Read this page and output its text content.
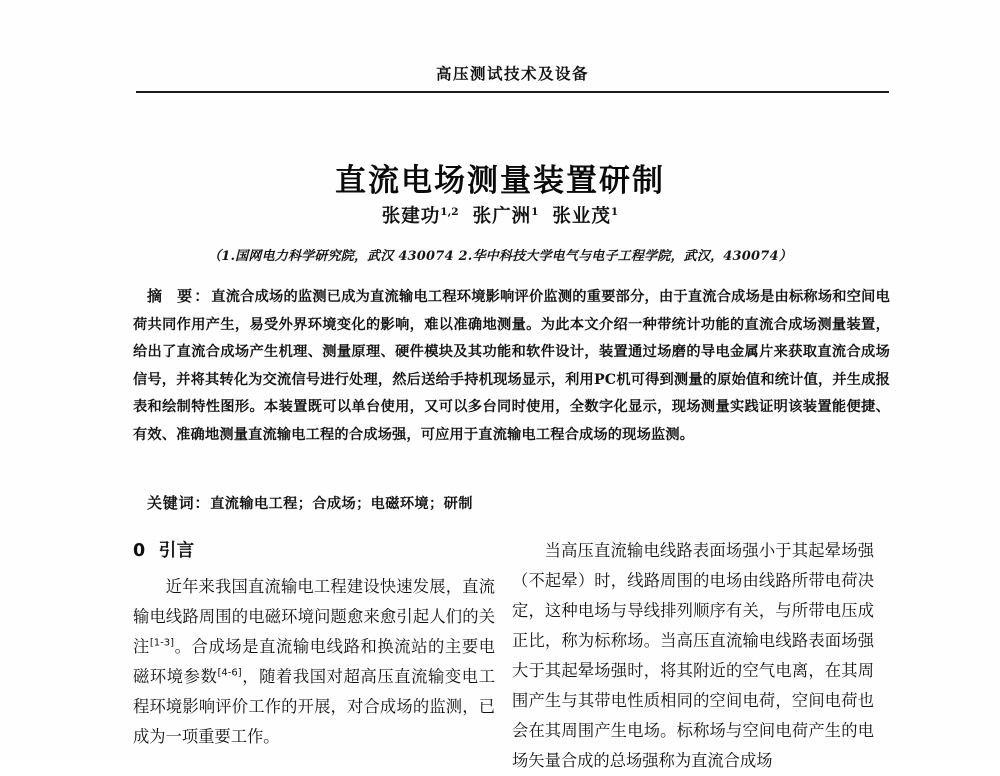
高压测试技术及设备
直流电场测量装置研制
张建功$^{1,2}$ 张广洲$^1$ 张业茂$^1$
（1.国网电力科学研究院，武汉 430074 2.华中科技大学电气与电子工程学院，武汉，430074）
摘 要：直流合成场的监测已成为直流输电工程环境影响评价监测的重要部分，由于直流合成场是由标称场和空间电荷共同作用产生，易受外界环境变化的影响，难以准确地测量。为此本文介绍一种带统计功能的直流合成场测量装置，给出了直流合成场产生机理、测量原理、硬件模块及其功能和软件设计，装置通过场磨的导电金属片来获取直流合成场信号，并将其转化为交流信号进行处理，然后送给手持机现场显示，利用PC机可得到测量的原始值和统计值，并生成报表和绘制特性图形。本装置既可以单台使用，又可以多台同时使用，全数字化显示，现场测量实践证明该装置能便捷、有效、准确地测量直流输电工程的合成场强，可应用于直流输电工程合成场的现场监测。
关键词：直流输电工程；合成场；电磁环境；研制
0 引言

近年来我国直流输电工程建设快速发展，直流输电线路周围的电磁环境问题愈来愈引起人们的关注[1-3]。合成场是直流输电线路和换流站的主要电磁环境参数[4-6]，随着我国对超高压直流输变电工程环境影响评价工作的开展，对合成场的监测，已成为一项重要工作。

当高压直流输电线路表面场强小于其起晕场强（不起晕）时，线路周围的电场由线路所带电荷决定，这种电场与导线排列顺序有关，与所带电压成正比，称为标称场。当高压直流输电线路表面场强大于其起晕场强时，将其附近的空气电离，在其周围产生与其带电性质相同的空间电荷，空间电荷也会在其周围产生电场。标称场与空间电荷产生的电场矢量合成的总场强称为直流合成场
